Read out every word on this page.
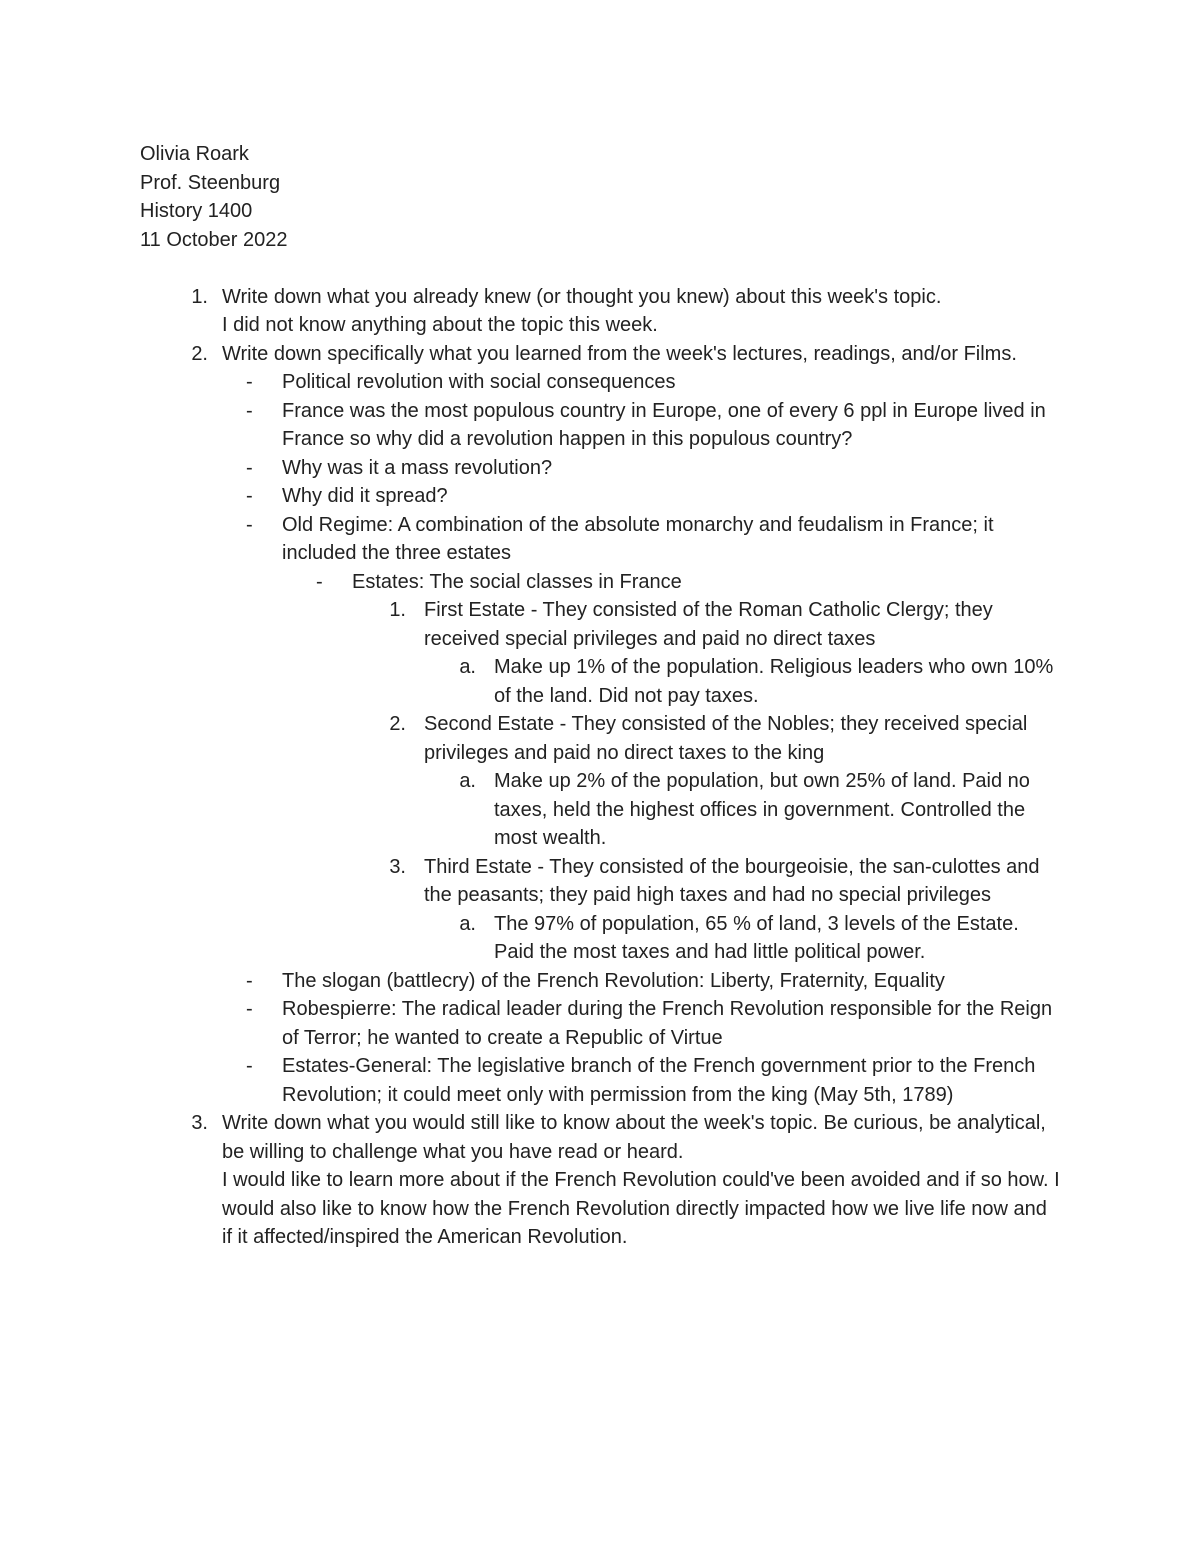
Olivia Roark
Prof. Steenburg
History 1400
11 October 2022
1. Write down what you already knew (or thought you knew) about this week's topic.
I did not know anything about the topic this week.
2. Write down specifically what you learned from the week's lectures, readings, and/or Films.
-	Political revolution with social consequences
-	France was the most populous country in Europe, one of every 6 ppl in Europe lived in France so why did a revolution happen in this populous country?
-	Why was it a mass revolution?
-	Why did it spread?
-	Old Regime: A combination of the absolute monarchy and feudalism in France; it included the three estates
-	Estates: The social classes in France
1. First Estate - They consisted of the Roman Catholic Clergy; they received special privileges and paid no direct taxes
a. Make up 1% of the population. Religious leaders who own 10% of the land. Did not pay taxes.
2. Second Estate - They consisted of the Nobles; they received special privileges and paid no direct taxes to the king
a. Make up 2% of the population, but own 25% of land. Paid no taxes, held the highest offices in government. Controlled the most wealth.
3. Third Estate - They consisted of the bourgeoisie, the san-culottes and the peasants; they paid high taxes and had no special privileges
a. The 97% of population, 65 % of land, 3 levels of the Estate. Paid the most taxes and had little political power.
-	The slogan (battlecry) of the French Revolution: Liberty, Fraternity, Equality
-	Robespierre: The radical leader during the French Revolution responsible for the Reign of Terror; he wanted to create a Republic of Virtue
-	Estates-General: The legislative branch of the French government prior to the French Revolution; it could meet only with permission from the king (May 5th, 1789)
3. Write down what you would still like to know about the week's topic. Be curious, be analytical, be willing to challenge what you have read or heard.
I would like to learn more about if the French Revolution could've been avoided and if so how. I would also like to know how the French Revolution directly impacted how we live life now and if it affected/inspired the American Revolution.
